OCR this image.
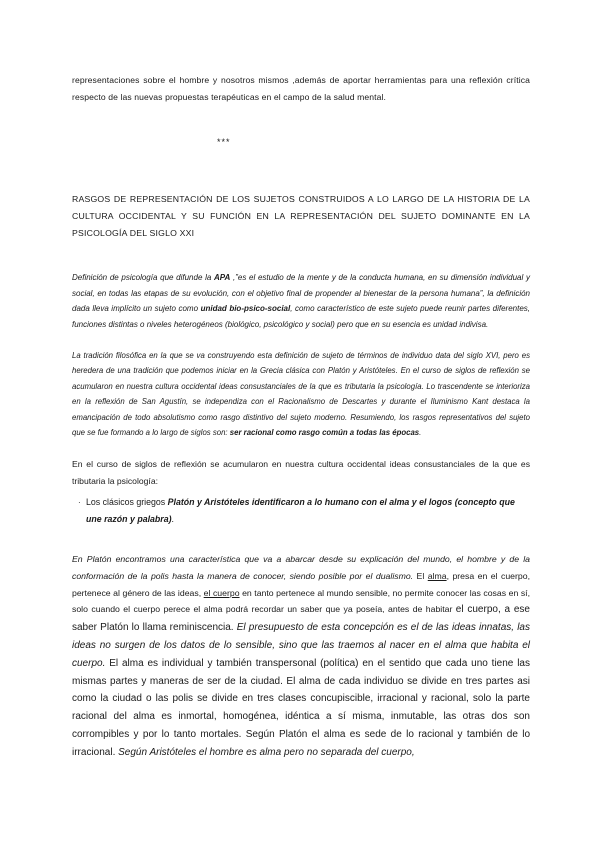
representaciones sobre el hombre y nosotros mismos ,además de aportar herramientas para una reflexión crítica respecto de las nuevas propuestas terapéuticas en el campo de la salud mental.

***

RASGOS DE REPRESENTACIÓN DE LOS SUJETOS CONSTRUIDOS A LO LARGO DE LA HISTORIA DE LA CULTURA OCCIDENTAL Y SU FUNCIÓN EN LA REPRESENTACIÓN DEL SUJETO DOMINANTE EN LA PSICOLOGÍA DEL SIGLO XXI

Definición de psicología que difunde la APA ,”es el estudio de la mente y de la conducta humana, en su dimensión individual y social, en todas las etapas de su evolución, con el objetivo final de propender al bienestar de la persona humana”, la definición dada lleva implícito un sujeto como unidad bio-psico-social, como característico de este sujeto puede reunir partes diferentes, funciones distintas o niveles heterogéneos (biológico, psicológico y social) pero que en su esencia es unidad indivisa.

La tradición filosófica en la que se va construyendo esta definición de sujeto de términos de individuo data del siglo XVI, pero es heredera de una tradición que podemos iniciar en la Grecia clásica con Platón y Aristóteles. En el curso de siglos de reflexión se acumularon en nuestra cultura occidental ideas consustanciales de la que es tributaria la psicología. Lo trascendente se interioriza en la reflexión de San Agustín, se independiza con el Racionalismo de Descartes y durante el Iluminismo Kant destaca la emancipación de todo absolutismo como rasgo distintivo del sujeto moderno. Resumiendo, los rasgos representativos del sujeto que se fue formando a lo largo de siglos son: ser racional como rasgo común a todas las épocas.

En el curso de siglos de reflexión se acumularon en nuestra cultura occidental ideas consustanciales de la que es tributaria la psicología:

· Los clásicos griegos Platón y Aristóteles identificaron a lo humano con el alma y el logos (concepto que une razón y palabra).

En Platón encontramos una característica que va a abarcar desde su explicación del mundo, el hombre y de la conformación de la polis hasta la manera de conocer, siendo posible por el dualismo. El alma, presa en el cuerpo, pertenece al género de las ideas, el cuerpo en tanto pertenece al mundo sensible, no permite conocer las cosas en sí, solo cuando el cuerpo perece el alma podrá recordar un saber que ya poseía, antes de habitar el cuerpo, a ese saber Platón lo llama reminiscencia. El presupuesto de esta concepción es el de las ideas innatas, las ideas no surgen de los datos de lo sensible, sino que las traemos al nacer en el alma que habita el cuerpo. El alma es individual y también transpersonal (política) en el sentido que cada uno tiene las mismas partes y maneras de ser de la ciudad. El alma de cada individuo se divide en tres partes asi como la ciudad o las polis se divide en tres clases concupiscible, irracional y racional, solo la parte racional del alma es inmortal, homogénea, idéntica a sí misma, inmutable, las otras dos son corrompibles y por lo tanto mortales. Según Platón el alma es sede de lo racional y también de lo irracional. Según Aristóteles el hombre es alma pero no separada del cuerpo,
